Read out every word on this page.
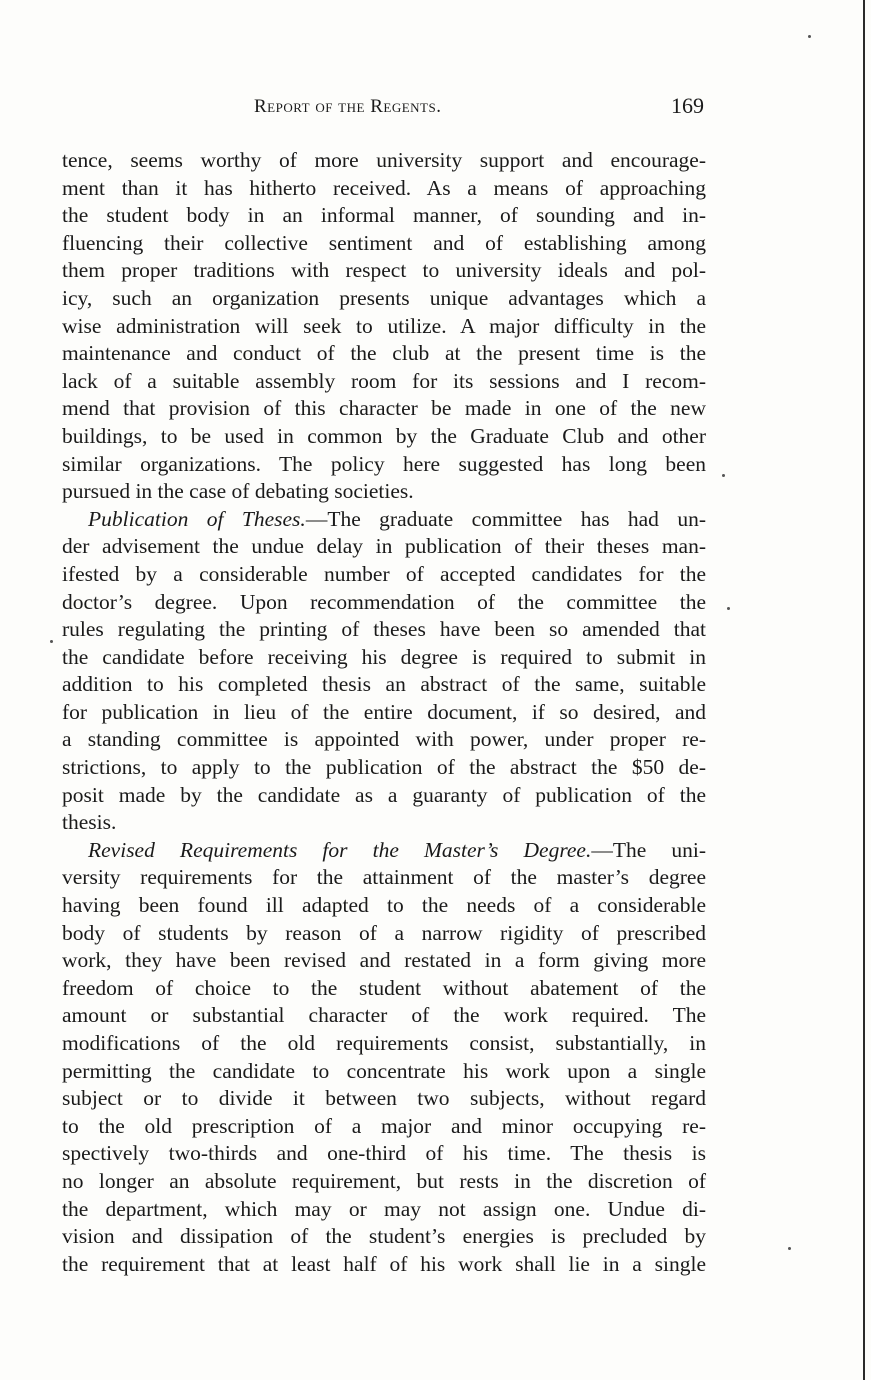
Report of the Regents.	169
tence, seems worthy of more university support and encourage-
ment than it has hitherto received. As a means of approaching
the student body in an informal manner, of sounding and in-
fluencing their collective sentiment and of establishing among
them proper traditions with respect to university ideals and pol-
icy, such an organization presents unique advantages which a
wise administration will seek to utilize. A major difficulty in the
maintenance and conduct of the club at the present time is the
lack of a suitable assembly room for its sessions and I recom-
mend that provision of this character be made in one of the new
buildings, to be used in common by the Graduate Club and other
similar organizations. The policy here suggested has long been
pursued in the case of debating societies.
Publication of Theses.—The graduate committee has had un-
der advisement the undue delay in publication of their theses man-
ifested by a considerable number of accepted candidates for the
doctor’s degree. Upon recommendation of the committee the
rules regulating the printing of theses have been so amended that
the candidate before receiving his degree is required to submit in
addition to his completed thesis an abstract of the same, suitable
for publication in lieu of the entire document, if so desired, and
a standing committee is appointed with power, under proper re-
strictions, to apply to the publication of the abstract the $50 de-
posit made by the candidate as a guaranty of publication of the
thesis.
Revised Requirements for the Master’s Degree.—The uni-
versity requirements for the attainment of the master’s degree
having been found ill adapted to the needs of a considerable
body of students by reason of a narrow rigidity of prescribed
work, they have been revised and restated in a form giving more
freedom of choice to the student without abatement of the
amount or substantial character of the work required. The
modifications of the old requirements consist, substantially, in
permitting the candidate to concentrate his work upon a single
subject or to divide it between two subjects, without regard
to the old prescription of a major and minor occupying re-
spectively two-thirds and one-third of his time. The thesis is
no longer an absolute requirement, but rests in the discretion of
the department, which may or may not assign one. Undue di-
vision and dissipation of the student’s energies is precluded by
the requirement that at least half of his work shall lie in a single
